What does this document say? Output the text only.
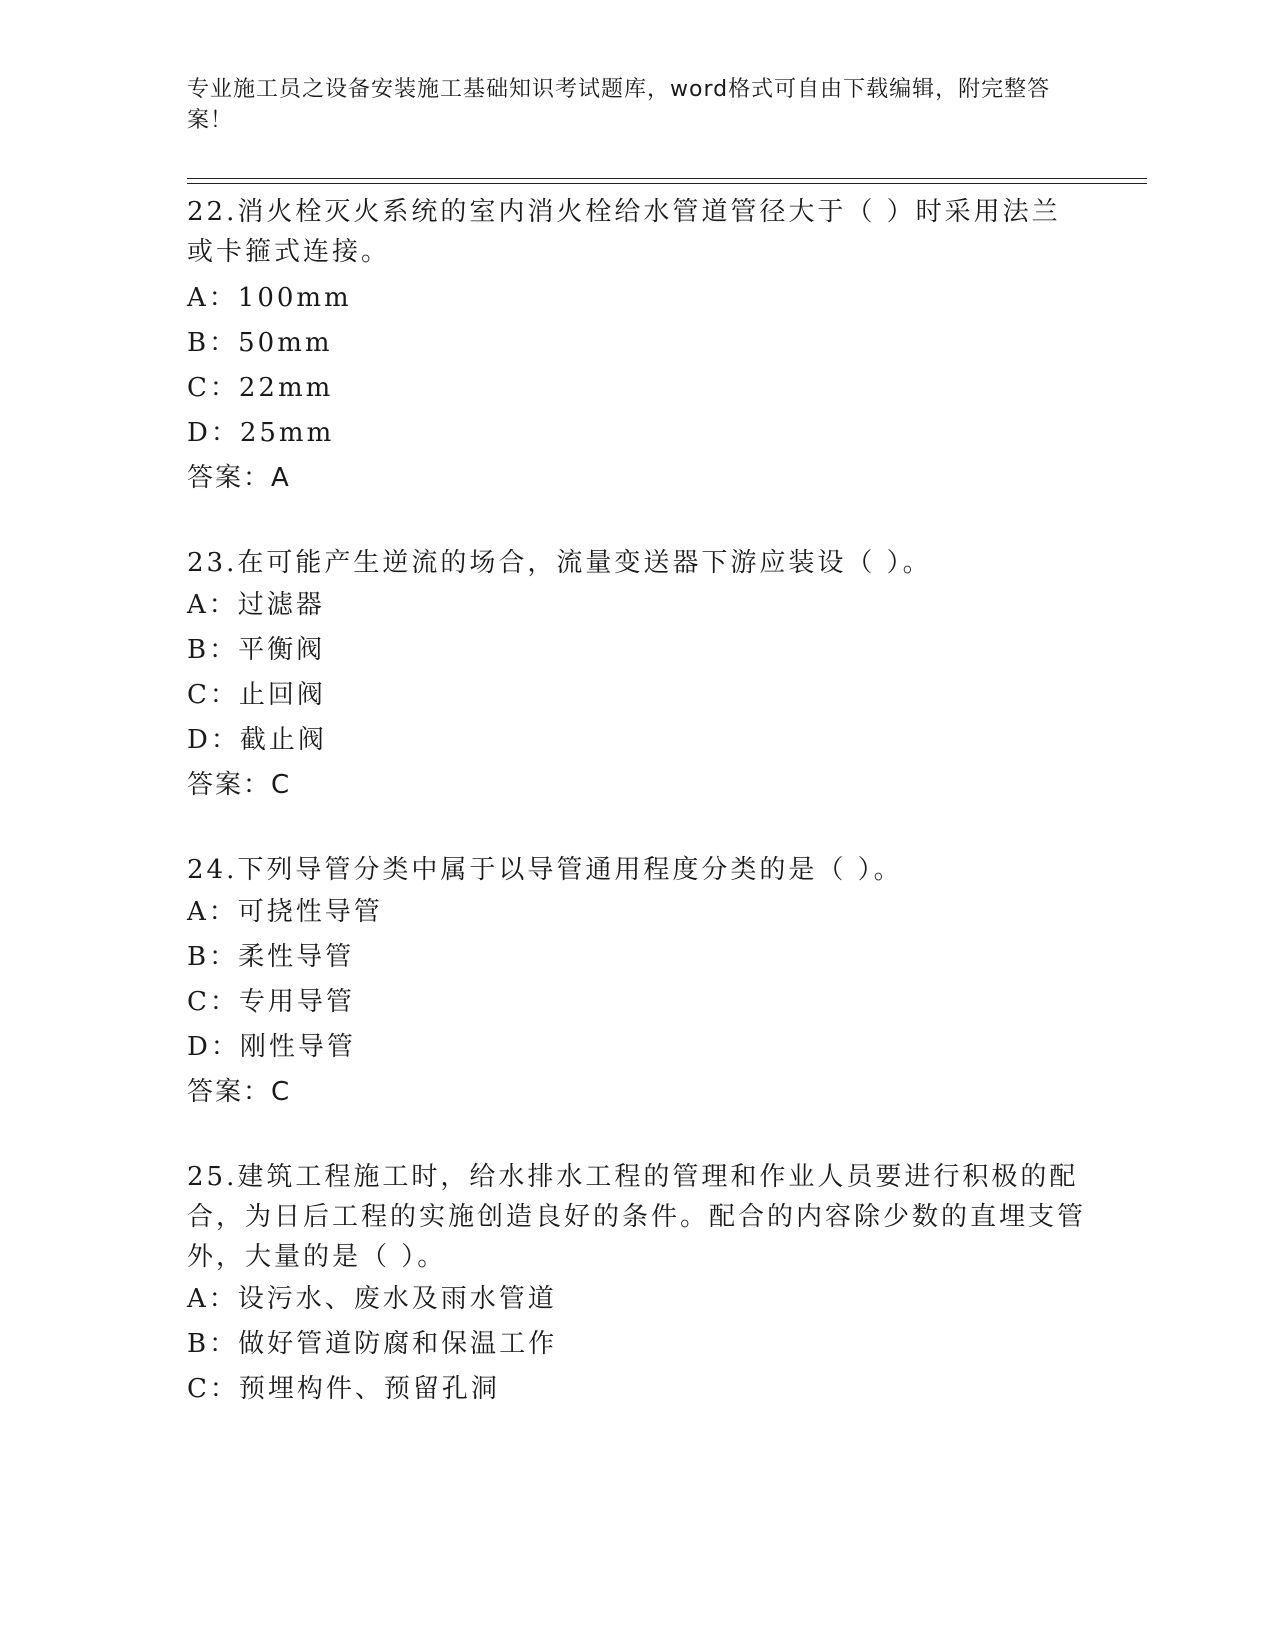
专业施工员之设备安装施工基础知识考试题库，word格式可自由下载编辑，附完整答案！

22.消火栓灭火系统的室内消火栓给水管道管径大于（ ）时采用法兰或卡箍式连接。

A：100mm

B：50mm

C：22mm

D：25mm

答案：A

23.在可能产生逆流的场合，流量变送器下游应装设（ ）。

A：过滤器

B：平衡阀

C：止回阀

D：截止阀

答案：C

24.下列导管分类中属于以导管通用程度分类的是（ ）。

A：可挠性导管

B：柔性导管

C：专用导管

D：刚性导管

答案：C

25.建筑工程施工时，给水排水工程的管理和作业人员要进行积极的配合，为日后工程的实施创造良好的条件。配合的内容除少数的直埋支管外，大量的是（ ）。

A：设污水、废水及雨水管道

B：做好管道防腐和保温工作

C：预埋构件、预留孔洞
